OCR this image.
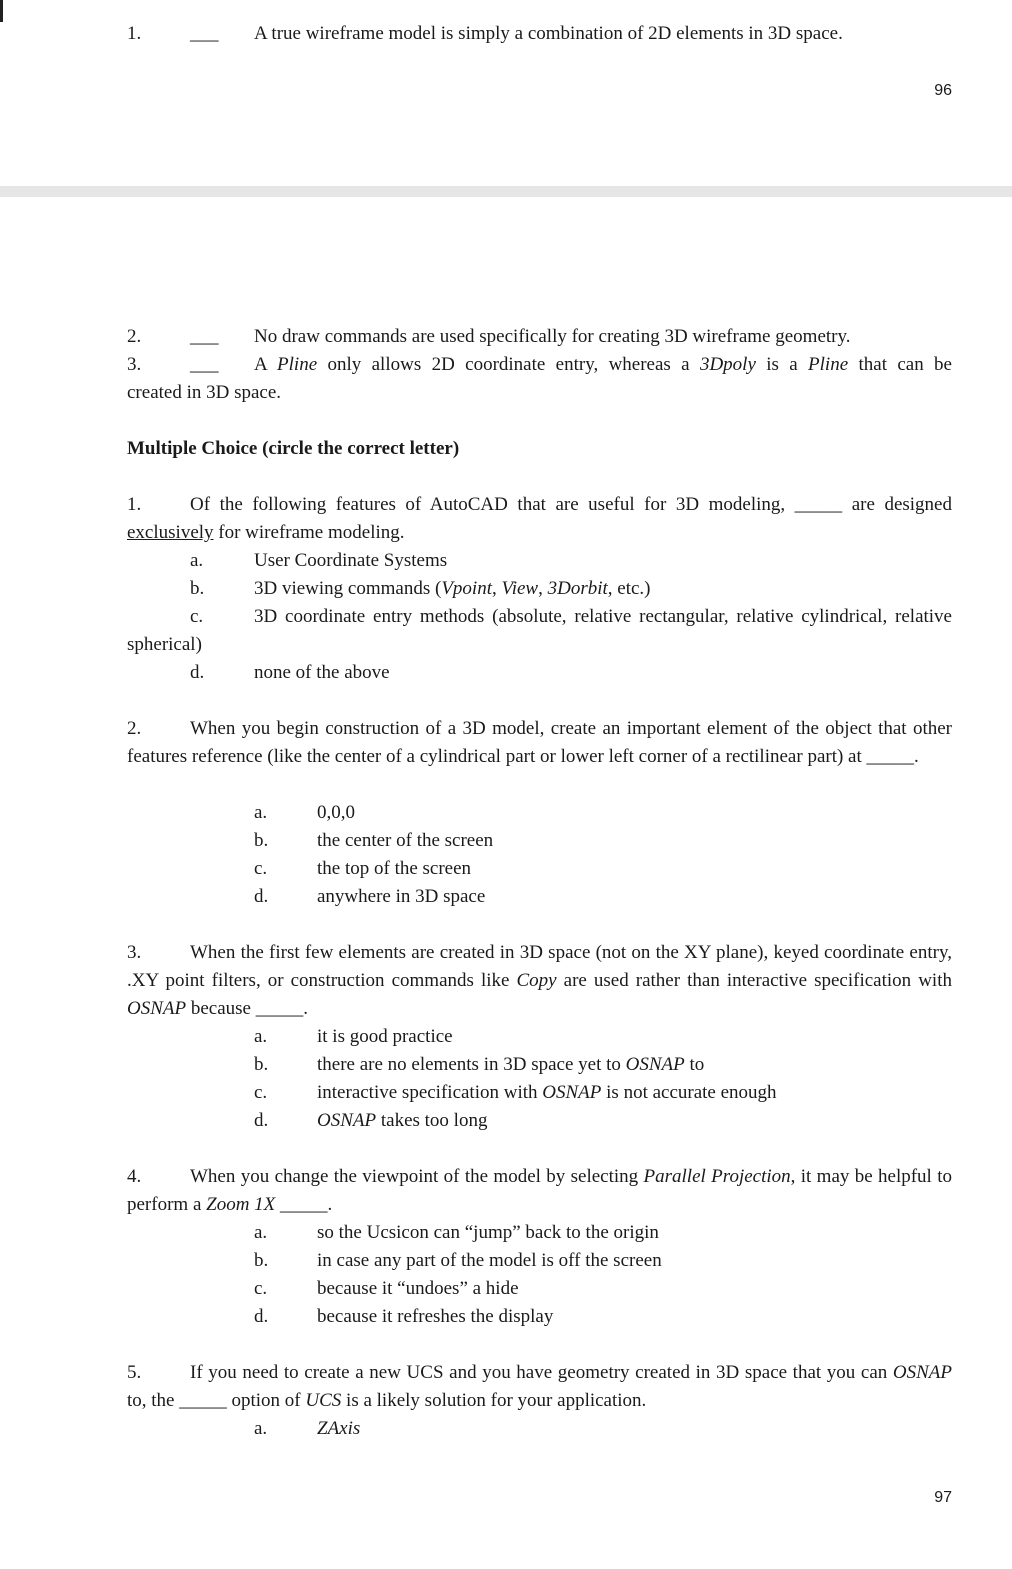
1.	___ A true wireframe model is simply a combination of 2D elements in 3D space.
96
2.	___ No draw commands are used specifically for creating 3D wireframe geometry.
3.	___ A Pline only allows 2D coordinate entry, whereas a 3Dpoly is a Pline that can be
created in 3D space.
Multiple Choice (circle the correct letter)
1.	Of the following features of AutoCAD that are useful for 3D modeling, _____ are designed exclusively for wireframe modeling.
a.	User Coordinate Systems
b.	3D viewing commands (Vpoint, View, 3Dorbit, etc.)
c.	3D coordinate entry methods (absolute, relative rectangular, relative cylindrical, relative spherical)
d.	none of the above
2.	When you begin construction of a 3D model, create an important element of the object that other features reference (like the center of a cylindrical part or lower left corner of a rectilinear part) at _____.
a.	0,0,0
b.	the center of the screen
c.	the top of the screen
d.	anywhere in 3D space
3.	When the first few elements are created in 3D space (not on the XY plane), keyed coordinate entry, .XY point filters, or construction commands like Copy are used rather than interactive specification with OSNAP because _____.
a.	it is good practice
b.	there are no elements in 3D space yet to OSNAP to
c.	interactive specification with OSNAP is not accurate enough
d.	OSNAP takes too long
4.	When you change the viewpoint of the model by selecting Parallel Projection, it may be helpful to perform a Zoom 1X _____.
a.	so the Ucsicon can “jump” back to the origin
b.	in case any part of the model is off the screen
c.	because it “undoes” a hide
d.	because it refreshes the display
5.	If you need to create a new UCS and you have geometry created in 3D space that you can OSNAP to, the _____ option of UCS is a likely solution for your application.
a.	ZAxis
97
